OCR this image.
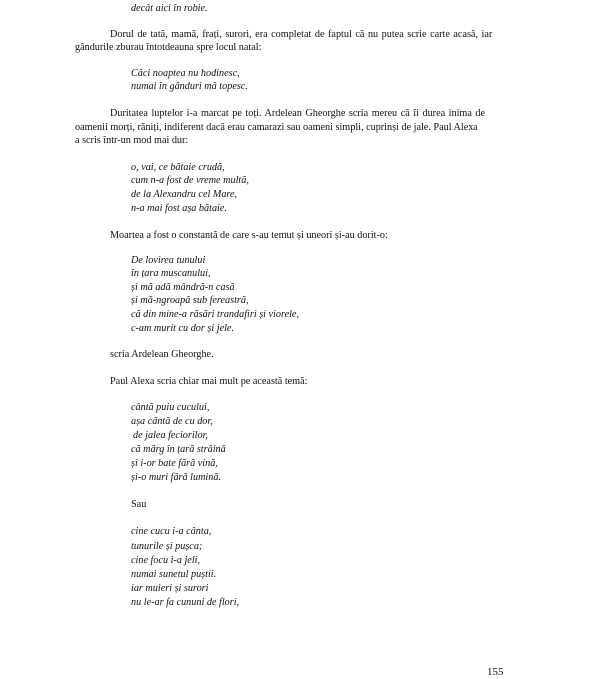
decât aici în robie.
Dorul de tată, mamă, frați, surori, era completat de faptul că nu putea scrie carte acasă, iar
gândurile zburau întotdeauna spre locul natal:
Căci noaptea nu hodinesc,
numai în gânduri mă topesc.
Duritatea luptelor i-a marcat pe toți. Ardelean Gheorghe scria mereu că îi durea inima de
oamenii morți, răniți, indiferent dacă erau camarazi sau oameni simpli, cuprinși de jale. Paul Alexa
a scris într-un mod mai dur:
o, vai, ce bătaie crudă,
cum n-a fost de vreme multă,
de la Alexandru cel Mare,
n-a mai fost așa bătaie.
Moartea a fost o constantă de care s-au temut și uneori și-au dorit-o:
De lovirea tunului
în țara muscanului,
și mă adă mândră-n casă
și mă-ngroapă sub fereastră,
că din mine-a răsări trandafiri și viorele,
c-am murit cu dor și jele.
scria Ardelean Gheorghe.
Paul Alexa scria chiar mai mult pe această temă:
cântă puiu cucului,
așa cântă de cu dor,
de jalea feciorilor,
că mărg în țară străină
și i-or bate fără vină,
și-o muri fără lumină.
Sau
cine cucu i-a cânta,
tunurile și pușca;
cine focu i-a jeli,
numai sunetul puștii.
iar muieri și surori
nu le-ar fa cununi de flori,
155
